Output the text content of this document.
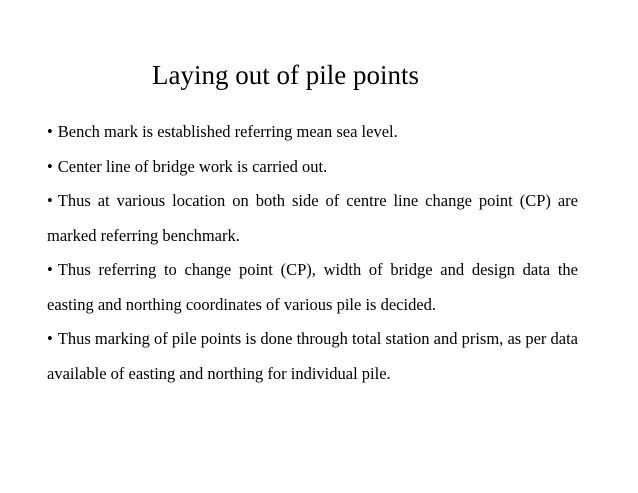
Laying out of pile points
• Bench mark is established referring mean sea level.
• Center line of bridge work is carried out.
• Thus at various location on both side of centre line change point (CP) are marked referring benchmark.
• Thus referring to change point (CP), width of bridge and design data the easting and northing coordinates of various pile is decided.
• Thus marking of pile points is done through total station and prism, as per data available of easting and northing for individual pile.
